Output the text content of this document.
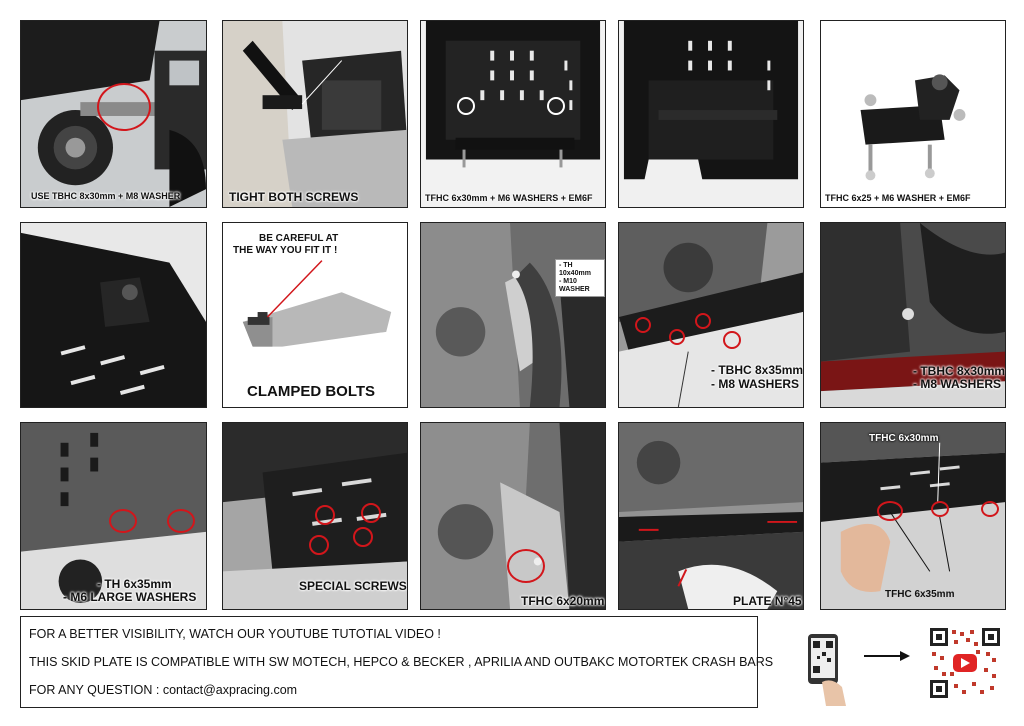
USE TBHC 8x30mm + M8 WASHER	TIGHT BOTH SCREWS	TFHC 6x30mm + M6 WASHERS + EM6F	TFHC 6x25 + M6 WASHER + EM6F
BE CAREFUL AT
THE WAY YOU FIT IT !
CLAMPED BOLTS
- TH 10x40mm
- M10 WASHER
- TBHC 8x35mm
- M8 WASHERS
- TBHC 8x30mm
- M8 WASHERS
- TH 6x35mm
- M6 LARGE WASHERS
SPECIAL SCREWS
TFHC 6x20mm	PLATE N°45
TFHC 6x30mm
TFHC 6x35mm
FOR A BETTER VISIBILITY, WATCH OUR YOUTUBE TUTOTIAL VIDEO !
THIS SKID PLATE IS COMPATIBLE WITH SW MOTECH, HEPCO & BECKER , APRILIA AND OUTBAKC MOTORTEK CRASH BARS
FOR ANY QUESTION : contact@axpracing.com
